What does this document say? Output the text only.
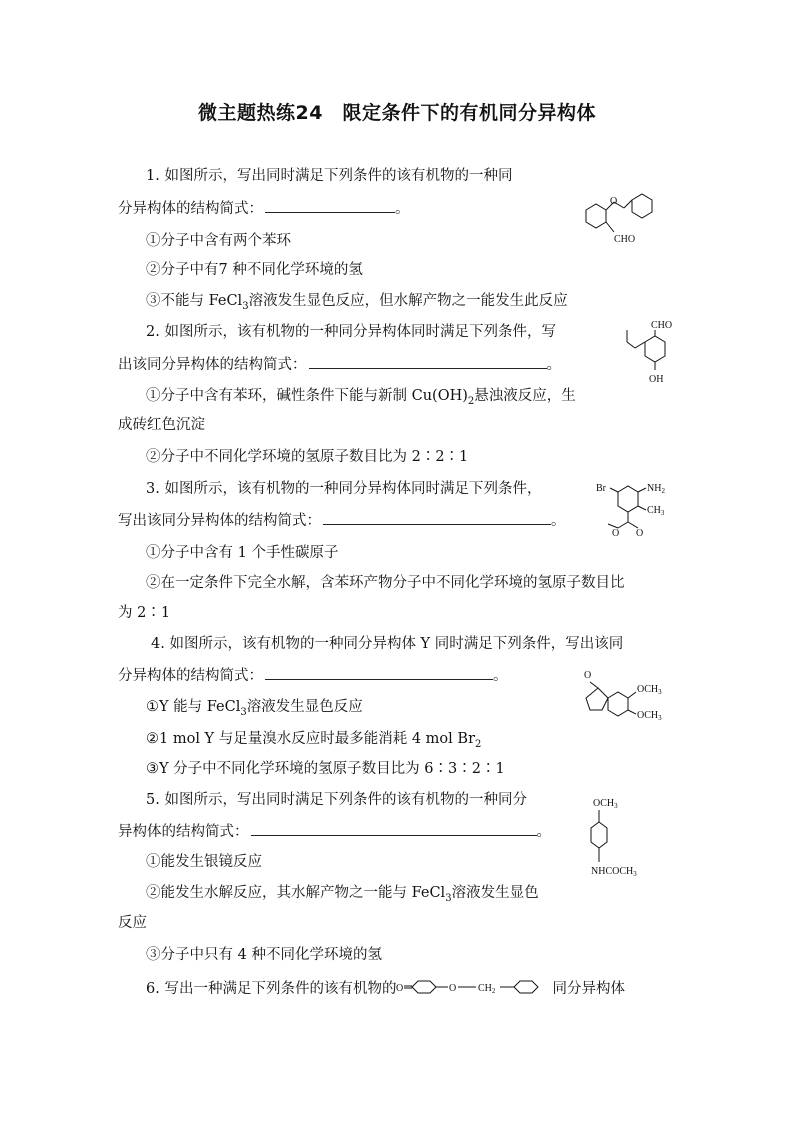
微主题热练24　限定条件下的有机同分异构体
1. 如图所示，写出同时满足下列条件的该有机物的一种同
分异构体的结构简式：	。
①分子中含有两个苯环
②分子中有7 种不同化学环境的氢
③不能与 FeCl$_3$溶液发生显色反应，但水解产物之一能发生此反应
O
CHO
2. 如图所示，该有机物的一种同分异构体同时满足下列条件，写
出该同分异构体的结构简式：	。
①分子中含有苯环，碱性条件下能与新制 $Cu(OH)_2$悬浊液反应，生
成砖红色沉淀
②分子中不同化学环境的氢原子数目比为 2∶2∶1
CHO
OH
3. 如图所示，该有机物的一种同分异构体同时满足下列条件，
写出该同分异构体的结构简式：	。
①分子中含有 1 个手性碳原子
②在一定条件下完全水解，含苯环产物分子中不同化学环境的氢原子数目比
为 2∶1
Br	$NH_2$
$CH_3$
O
O
4. 如图所示，该有机物的一种同分异构体 Y 同时满足下列条件，写出该同
分异构体的结构简式：	。
①Y 能与 FeCl$_3$溶液发生显色反应
②1 mol Y 与足量溴水反应时最多能消耗 4 mol $Br_2$
③Y 分子中不同化学环境的氢原子数目比为 6∶3∶2∶1
O
$OCH_3$
$OCH_3$
5. 如图所示，写出同时满足下列条件的该有机物的一种同分
异构体的结构简式：	。
①能发生银镜反应
②能发生水解反应，其水解产物之一能与 FeCl$_3$溶液发生显色
反应
③分子中只有 4 种不同化学环境的氢
$OCH_3$
$NHCOCH_3$
6. 写出一种满足下列条件的该有机物的 O	O $CH_2$	同分异构体
